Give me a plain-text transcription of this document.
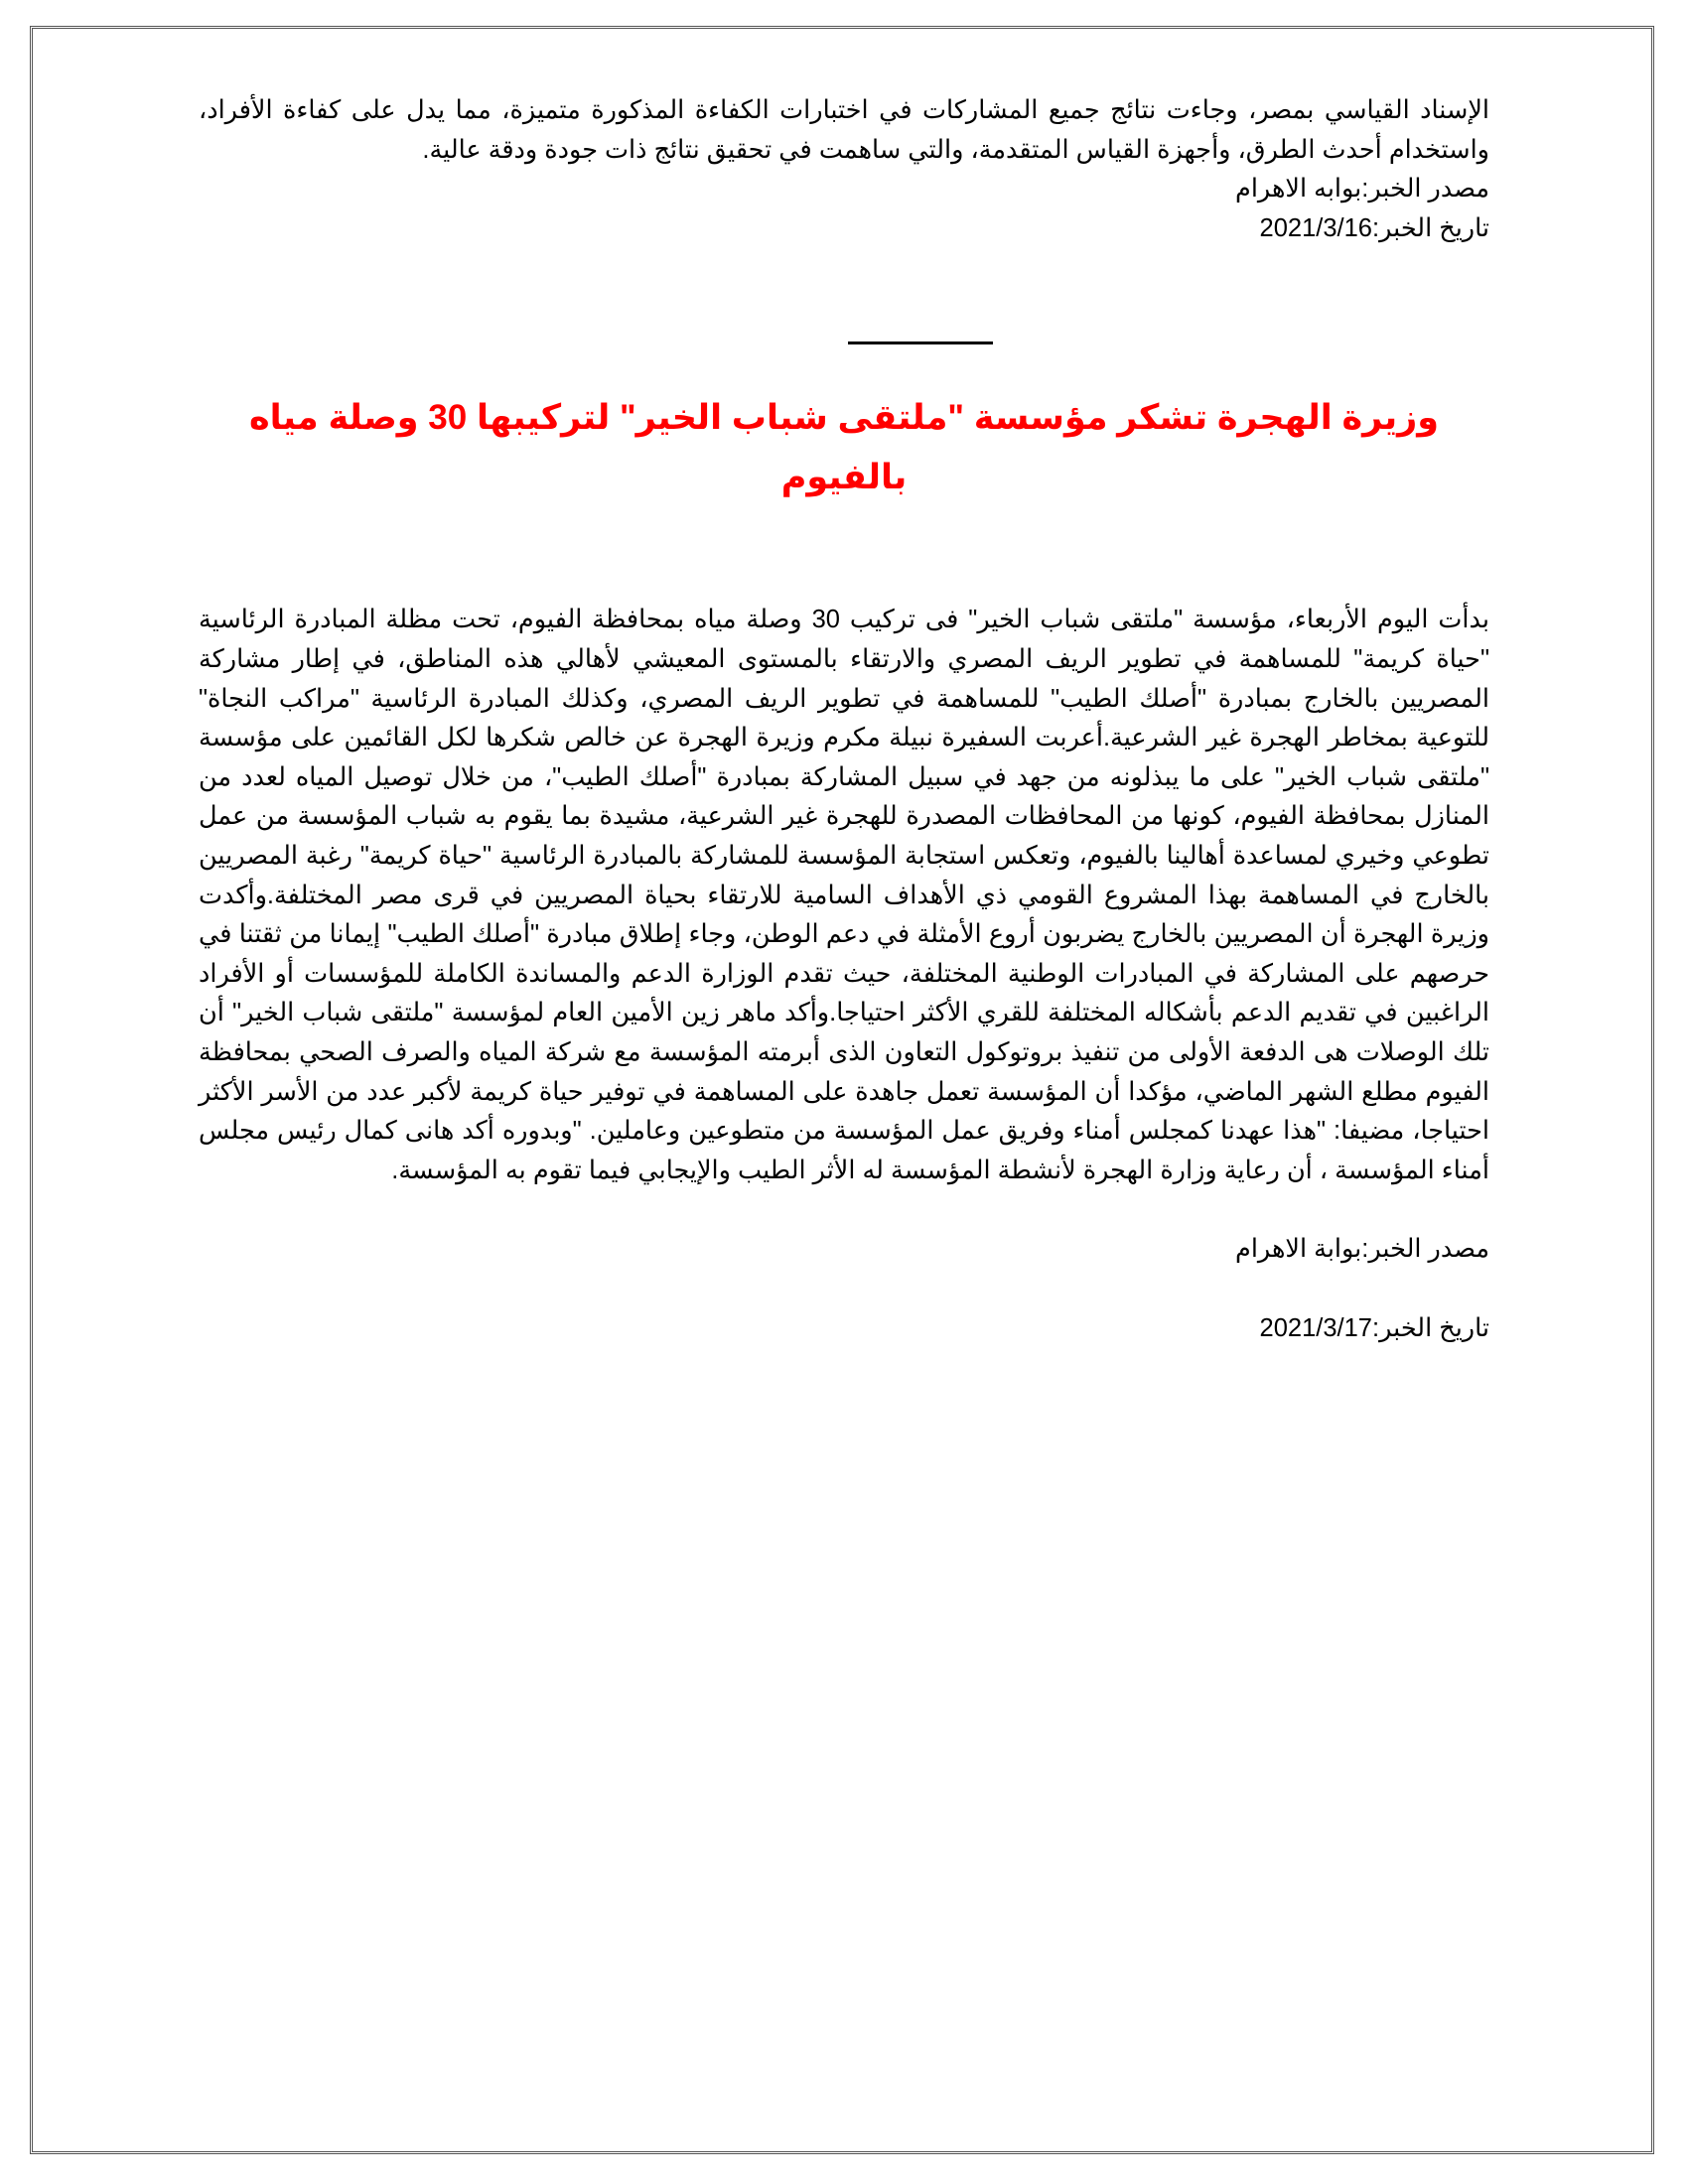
الإسناد القياسي بمصر، وجاءت نتائج جميع المشاركات في اختبارات الكفاءة المذكورة متميزة، مما يدل على كفاءة الأفراد، واستخدام أحدث الطرق، وأجهزة القياس المتقدمة، والتي ساهمت في تحقيق نتائج ذات جودة ودقة عالية.

مصدر الخبر:بوابه الاهرام

تاريخ الخبر:2021/3/16

وزيرة الهجرة تشكر مؤسسة "ملتقى شباب الخير" لتركيبها 30 وصلة مياه بالفيوم

بدأت اليوم الأربعاء، مؤسسة "ملتقى شباب الخير" فى تركيب 30 وصلة مياه بمحافظة الفيوم، تحت مظلة المبادرة الرئاسية "حياة كريمة" للمساهمة في تطوير الريف المصري والارتقاء بالمستوى المعيشي لأهالي هذه المناطق، في إطار مشاركة المصريين بالخارج بمبادرة "أصلك الطيب" للمساهمة في تطوير الريف المصري، وكذلك المبادرة الرئاسية "مراكب النجاة" للتوعية بمخاطر الهجرة غير الشرعية.أعربت السفيرة نبيلة مكرم وزيرة الهجرة عن خالص شكرها لكل القائمين على مؤسسة "ملتقى شباب الخير" على ما يبذلونه من جهد في سبيل المشاركة بمبادرة "أصلك الطيب"، من خلال توصيل المياه لعدد من المنازل بمحافظة الفيوم، كونها من المحافظات المصدرة للهجرة غير الشرعية، مشيدة بما يقوم به شباب المؤسسة من عمل تطوعي وخيري لمساعدة أهالينا بالفيوم، وتعكس استجابة المؤسسة للمشاركة بالمبادرة الرئاسية "حياة كريمة" رغبة المصريين بالخارج في المساهمة بهذا المشروع القومي ذي الأهداف السامية للارتقاء بحياة المصريين في قرى مصر المختلفة.وأكدت وزيرة الهجرة أن المصريين بالخارج يضربون أروع الأمثلة في دعم الوطن، وجاء إطلاق مبادرة "أصلك الطيب" إيمانا من ثقتنا في حرصهم على المشاركة في المبادرات الوطنية المختلفة، حيث تقدم الوزارة الدعم والمساندة الكاملة للمؤسسات أو الأفراد الراغبين في تقديم الدعم بأشكاله المختلفة للقري الأكثر احتياجا.وأكد ماهر زين الأمين العام لمؤسسة "ملتقى شباب الخير" أن تلك الوصلات هى الدفعة الأولى من تنفيذ بروتوكول التعاون الذى أبرمته المؤسسة مع شركة المياه والصرف الصحي بمحافظة الفيوم مطلع الشهر الماضي، مؤكدا أن المؤسسة تعمل جاهدة على المساهمة في توفير حياة كريمة لأكبر عدد من الأسر الأكثر احتياجا، مضيفا: "هذا عهدنا كمجلس أمناء وفريق عمل المؤسسة من متطوعين وعاملين. "وبدوره أكد هانى كمال رئيس مجلس أمناء المؤسسة ، أن رعاية وزارة الهجرة لأنشطة المؤسسة له الأثر الطيب والإيجابي فيما تقوم به المؤسسة.

مصدر الخبر:بوابة الاهرام

تاريخ الخبر:2021/3/17
